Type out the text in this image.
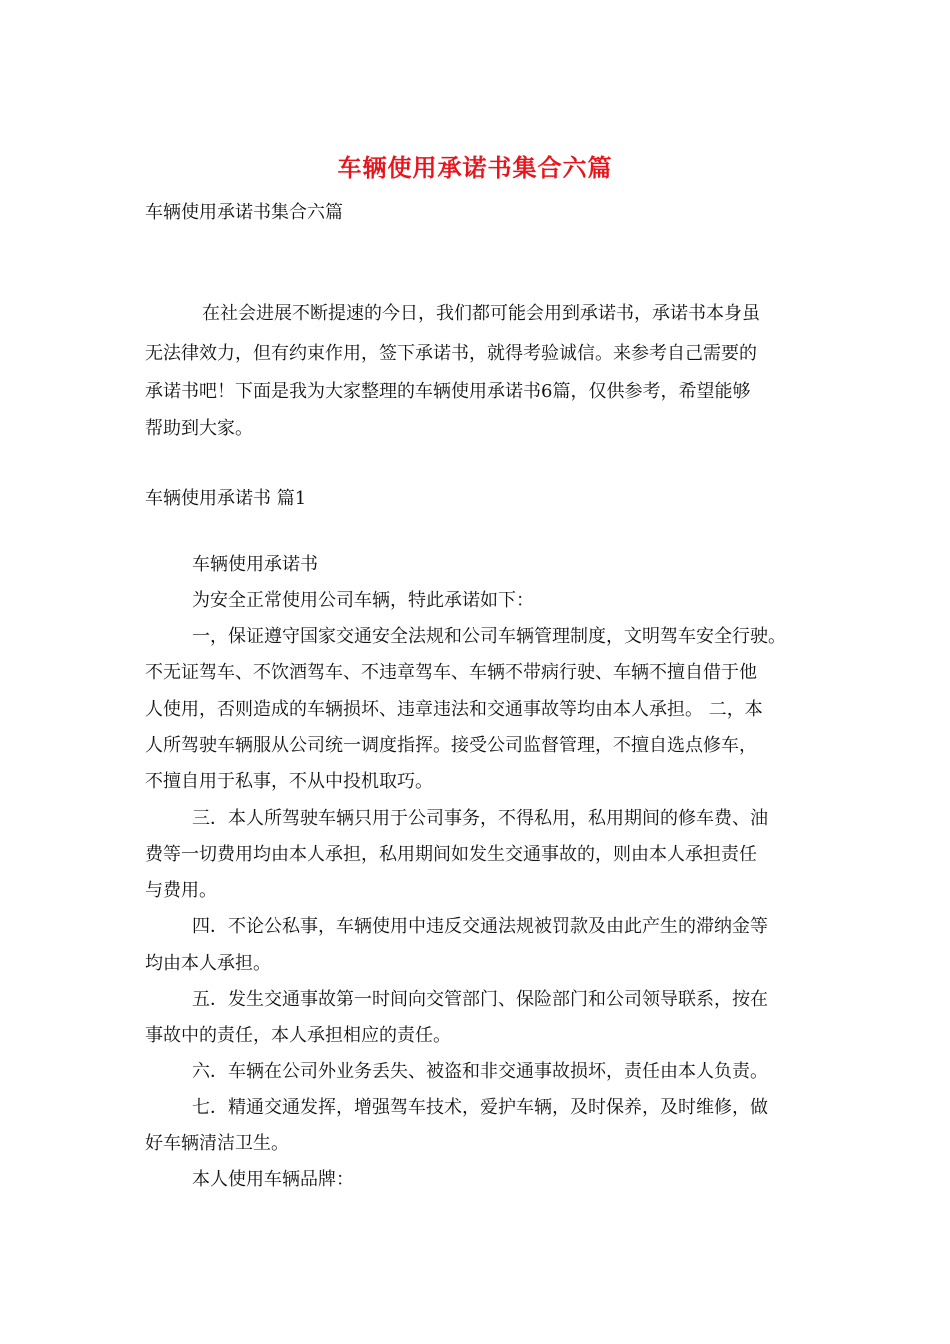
车辆使用承诺书集合六篇
车辆使用承诺书集合六篇
在社会进展不断提速的今日，我们都可能会用到承诺书，承诺书本身虽
无法律效力，但有约束作用，签下承诺书，就得考验诚信。来参考自己需要的
承诺书吧！下面是我为大家整理的车辆使用承诺书6篇，仅供参考，希望能够
帮助到大家。
车辆使用承诺书 篇1
车辆使用承诺书
为安全正常使用公司车辆，特此承诺如下：
一，保证遵守国家交通安全法规和公司车辆管理制度，文明驾车安全行驶。
不无证驾车、不饮酒驾车、不违章驾车、车辆不带病行驶、车辆不擅自借于他
人使用，否则造成的车辆损坏、违章违法和交通事故等均由本人承担。 二，本
人所驾驶车辆服从公司统一调度指挥。接受公司监督管理，不擅自选点修车，
不擅自用于私事，不从中投机取巧。
三．本人所驾驶车辆只用于公司事务，不得私用，私用期间的修车费、油
费等一切费用均由本人承担，私用期间如发生交通事故的，则由本人承担责任
与费用。
四．不论公私事，车辆使用中违反交通法规被罚款及由此产生的滞纳金等
均由本人承担。
五．发生交通事故第一时间向交管部门、保险部门和公司领导联系，按在
事故中的责任，本人承担相应的责任。
六．车辆在公司外业务丢失、被盗和非交通事故损坏，责任由本人负责。
七．精通交通发挥，增强驾车技术，爱护车辆，及时保养，及时维修，做
好车辆清洁卫生。
本人使用车辆品牌：
